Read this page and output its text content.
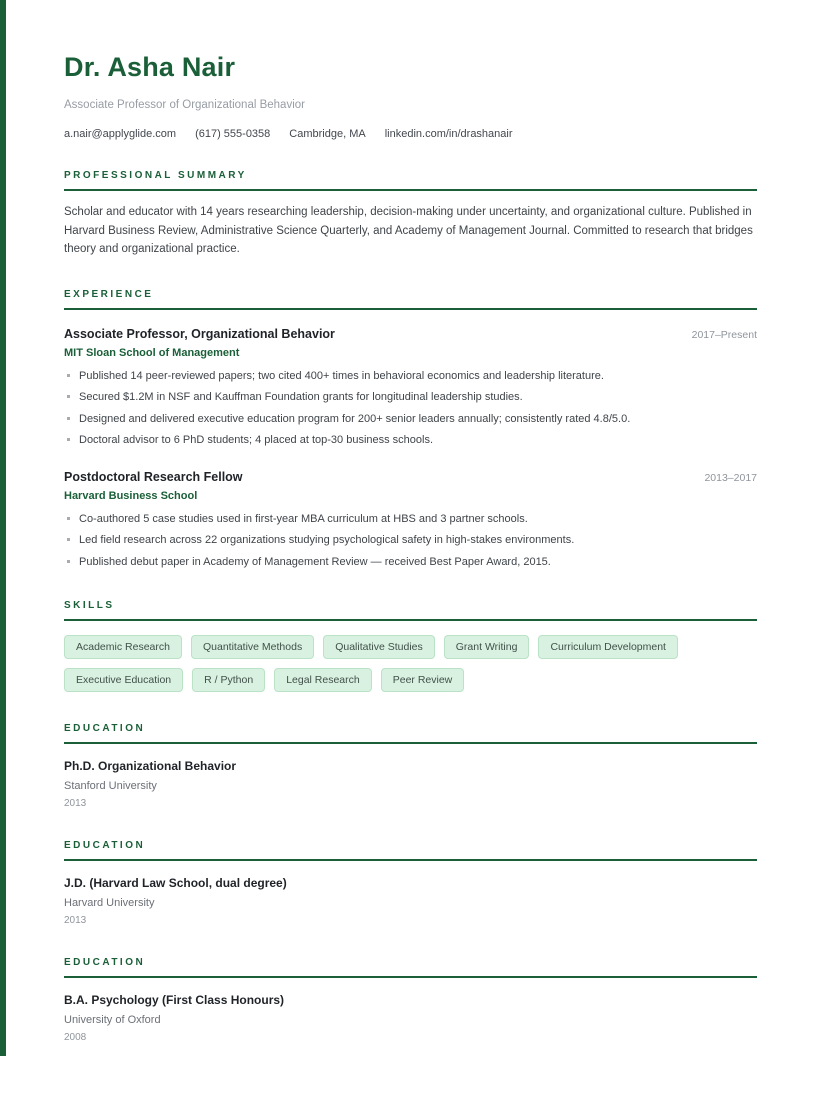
Dr. Asha Nair

Associate Professor of Organizational Behavior

a.nair@applyglide.com (617) 555-0358 Cambridge, MA linkedin.com/in/drashanair
PROFESSIONAL SUMMARY

Scholar and educator with 14 years researching leadership, decision-making under uncertainty, and organizational culture. Published in Harvard Business Review, Administrative Science Quarterly, and Academy of Management Journal. Committed to research that bridges theory and organizational practice.

EXPERIENCE
Associate Professor, Organizational Behavior	2017–Present
MIT Sloan School of Management
Published 14 peer-reviewed papers; two cited 400+ times in behavioral economics and leadership literature.
Secured $1.2M in NSF and Kauffman Foundation grants for longitudinal leadership studies.
Designed and delivered executive education program for 200+ senior leaders annually; consistently rated 4.8/5.0.
Doctoral advisor to 6 PhD students; 4 placed at top-30 business schools.
Postdoctoral Research Fellow	2013–2017
Harvard Business School
Co-authored 5 case studies used in first-year MBA curriculum at HBS and 3 partner schools.
Led field research across 22 organizations studying psychological safety in high-stakes environments.
Published debut paper in Academy of Management Review — received Best Paper Award, 2015.
SKILLS
Academic Research	Quantitative Methods	Qualitative Studies	Grant Writing	Curriculum Development
Executive Education	R / Python	Legal Research	Peer Review
EDUCATION
Ph.D. Organizational Behavior
Stanford University
2013
EDUCATION
J.D. (Harvard Law School, dual degree)
Harvard University
2013
EDUCATION
B.A. Psychology (First Class Honours)
University of Oxford
2008
